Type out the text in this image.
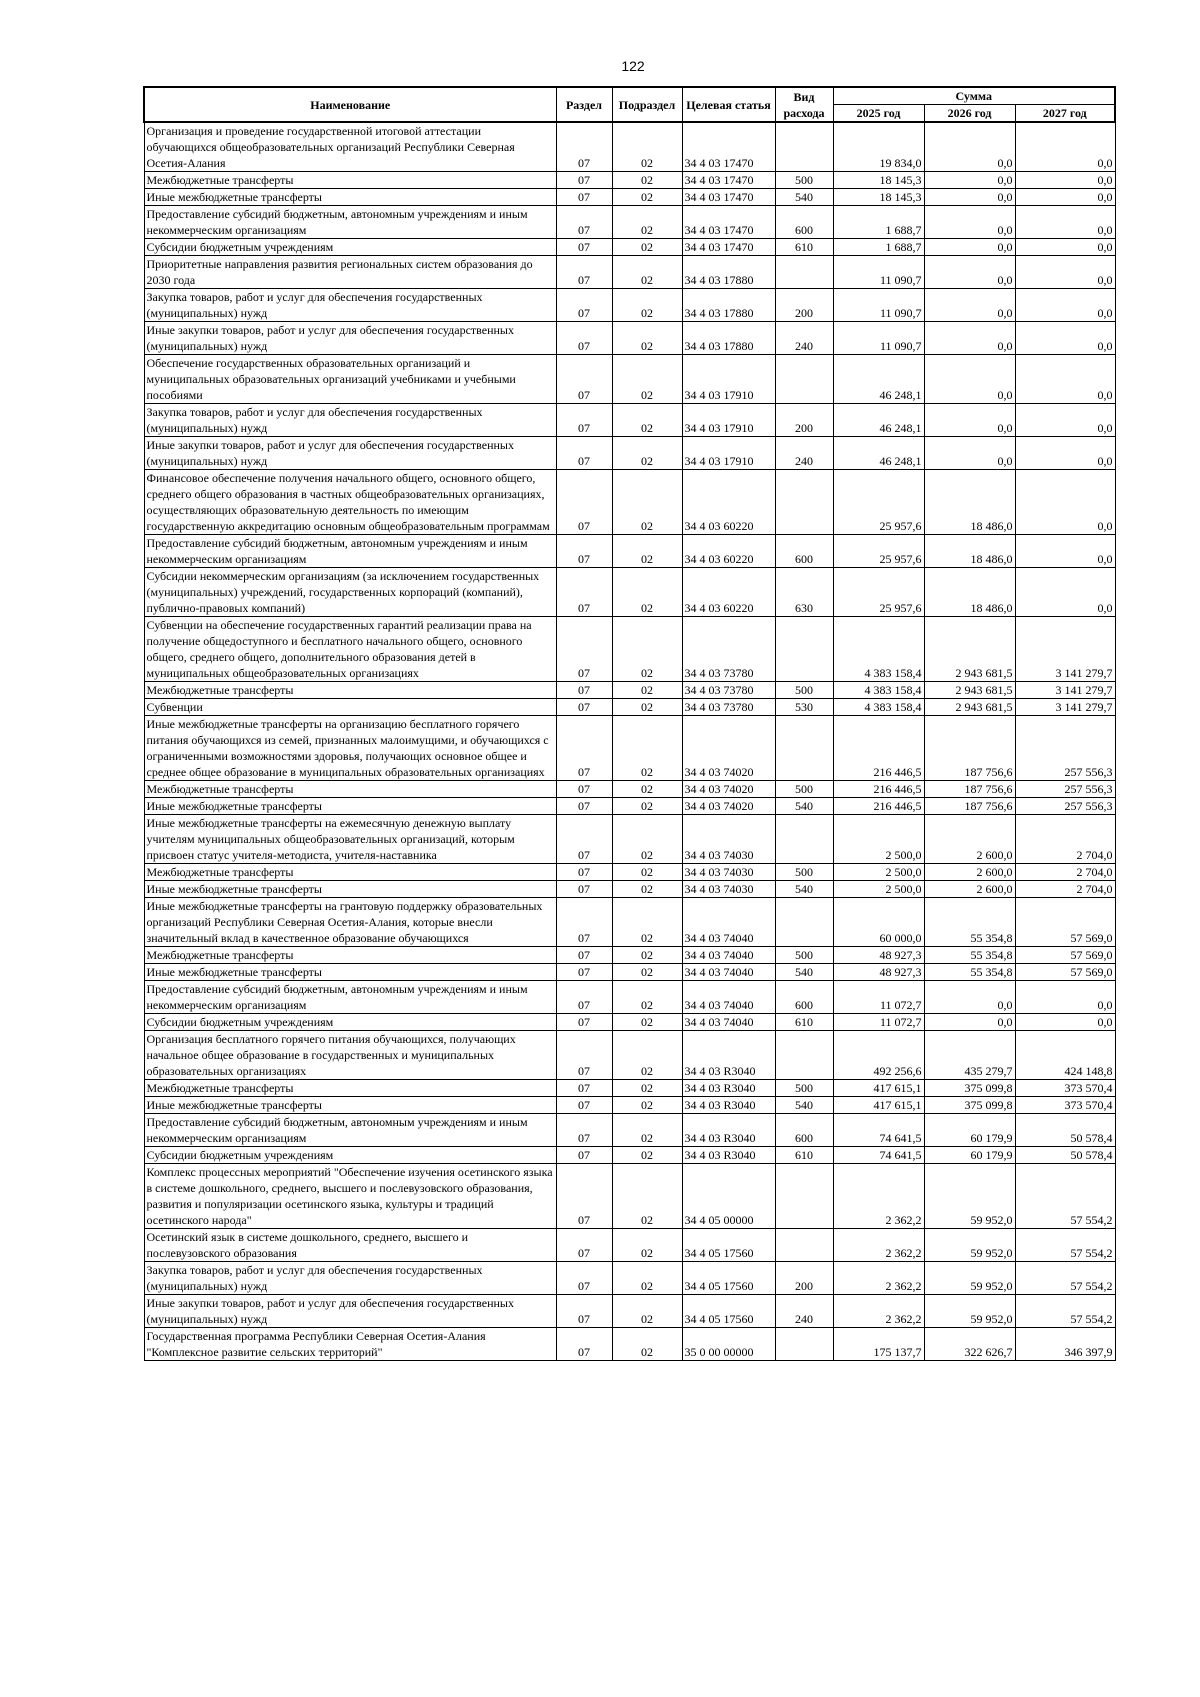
122
Наименование	Раздел	Подраздел	Целевая статья	Вид расхода	Сумма		
					2025 год	2026 год	2027 год
Организация и проведение государственной итоговой аттестации обучающихся общеобразовательных организаций Республики Северная Осетия-Алания	07	02	34 4 03 17470		19 834,0	0,0	0,0
Межбюджетные трансферты	07	02	34 4 03 17470	500	18 145,3	0,0	0,0
Иные межбюджетные трансферты	07	02	34 4 03 17470	540	18 145,3	0,0	0,0
Предоставление субсидий бюджетным, автономным учреждениям и иным некоммерческим организациям	07	02	34 4 03 17470	600	1 688,7	0,0	0,0
Субсидии бюджетным учреждениям	07	02	34 4 03 17470	610	1 688,7	0,0	0,0
Приоритетные направления развития региональных систем образования до 2030 года	07	02	34 4 03 17880		11 090,7	0,0	0,0
Закупка товаров, работ и услуг для обеспечения государственных (муниципальных) нужд	07	02	34 4 03 17880	200	11 090,7	0,0	0,0
Иные закупки товаров, работ и услуг для обеспечения государственных (муниципальных) нужд	07	02	34 4 03 17880	240	11 090,7	0,0	0,0
Обеспечение государственных образовательных организаций и муниципальных образовательных организаций учебниками и учебными пособиями	07	02	34 4 03 17910		46 248,1	0,0	0,0
Закупка товаров, работ и услуг для обеспечения государственных (муниципальных) нужд	07	02	34 4 03 17910	200	46 248,1	0,0	0,0
Иные закупки товаров, работ и услуг для обеспечения государственных (муниципальных) нужд	07	02	34 4 03 17910	240	46 248,1	0,0	0,0
Финансовое обеспечение получения начального общего, основного общего, среднего общего образования в частных общеобразовательных организациях, осуществляющих образовательную деятельность по имеющим государственную аккредитацию основным общеобразовательным программам	07	02	34 4 03 60220		25 957,6	18 486,0	0,0
Предоставление субсидий бюджетным, автономным учреждениям и иным некоммерческим организациям	07	02	34 4 03 60220	600	25 957,6	18 486,0	0,0
Субсидии некоммерческим организациям (за исключением государственных (муниципальных) учреждений, государственных корпораций (компаний), публично-правовых компаний)	07	02	34 4 03 60220	630	25 957,6	18 486,0	0,0
Субвенции на обеспечение государственных гарантий реализации права на получение общедоступного и бесплатного начального общего, основного общего, среднего общего, дополнительного образования детей в муниципальных общеобразовательных организациях	07	02	34 4 03 73780		4 383 158,4	2 943 681,5	3 141 279,7
Межбюджетные трансферты	07	02	34 4 03 73780	500	4 383 158,4	2 943 681,5	3 141 279,7
Субвенции	07	02	34 4 03 73780	530	4 383 158,4	2 943 681,5	3 141 279,7
Иные межбюджетные трансферты на организацию бесплатного горячего питания обучающихся из семей, признанных малоимущими, и обучающихся с ограниченными возможностями здоровья, получающих основное общее и среднее общее образование в муниципальных образовательных организациях	07	02	34 4 03 74020		216 446,5	187 756,6	257 556,3
Межбюджетные трансферты	07	02	34 4 03 74020	500	216 446,5	187 756,6	257 556,3
Иные межбюджетные трансферты	07	02	34 4 03 74020	540	216 446,5	187 756,6	257 556,3
Иные межбюджетные трансферты на ежемесячную денежную выплату учителям муниципальных общеобразовательных организаций, которым присвоен статус учителя-методиста, учителя-наставника	07	02	34 4 03 74030		2 500,0	2 600,0	2 704,0
Межбюджетные трансферты	07	02	34 4 03 74030	500	2 500,0	2 600,0	2 704,0
Иные межбюджетные трансферты	07	02	34 4 03 74030	540	2 500,0	2 600,0	2 704,0
Иные межбюджетные трансферты на грантовую поддержку образовательных организаций Республики Северная Осетия-Алания, которые внесли значительный вклад в качественное образование обучающихся	07	02	34 4 03 74040		60 000,0	55 354,8	57 569,0
Межбюджетные трансферты	07	02	34 4 03 74040	500	48 927,3	55 354,8	57 569,0
Иные межбюджетные трансферты	07	02	34 4 03 74040	540	48 927,3	55 354,8	57 569,0
Предоставление субсидий бюджетным, автономным учреждениям и иным некоммерческим организациям	07	02	34 4 03 74040	600	11 072,7	0,0	0,0
Субсидии бюджетным учреждениям	07	02	34 4 03 74040	610	11 072,7	0,0	0,0
Организация бесплатного горячего питания обучающихся, получающих начальное общее образование в государственных и муниципальных образовательных организациях	07	02	34 4 03 R3040		492 256,6	435 279,7	424 148,8
Межбюджетные трансферты	07	02	34 4 03 R3040	500	417 615,1	375 099,8	373 570,4
Иные межбюджетные трансферты	07	02	34 4 03 R3040	540	417 615,1	375 099,8	373 570,4
Предоставление субсидий бюджетным, автономным учреждениям и иным некоммерческим организациям	07	02	34 4 03 R3040	600	74 641,5	60 179,9	50 578,4
Субсидии бюджетным учреждениям	07	02	34 4 03 R3040	610	74 641,5	60 179,9	50 578,4
Комплекс процессных мероприятий "Обеспечение изучения осетинского языка в системе дошкольного, среднего, высшего и послевузовского образования, развития и популяризации осетинского языка, культуры и традиций осетинского народа"	07	02	34 4 05 00000		2 362,2	59 952,0	57 554,2
Осетинский язык в системе дошкольного, среднего, высшего и послевузовского образования	07	02	34 4 05 17560		2 362,2	59 952,0	57 554,2
Закупка товаров, работ и услуг для обеспечения государственных (муниципальных) нужд	07	02	34 4 05 17560	200	2 362,2	59 952,0	57 554,2
Иные закупки товаров, работ и услуг для обеспечения государственных (муниципальных) нужд	07	02	34 4 05 17560	240	2 362,2	59 952,0	57 554,2
Государственная программа Республики Северная Осетия-Алания "Комплексное развитие сельских территорий"	07	02	35 0 00 00000		175 137,7	322 626,7	346 397,9
